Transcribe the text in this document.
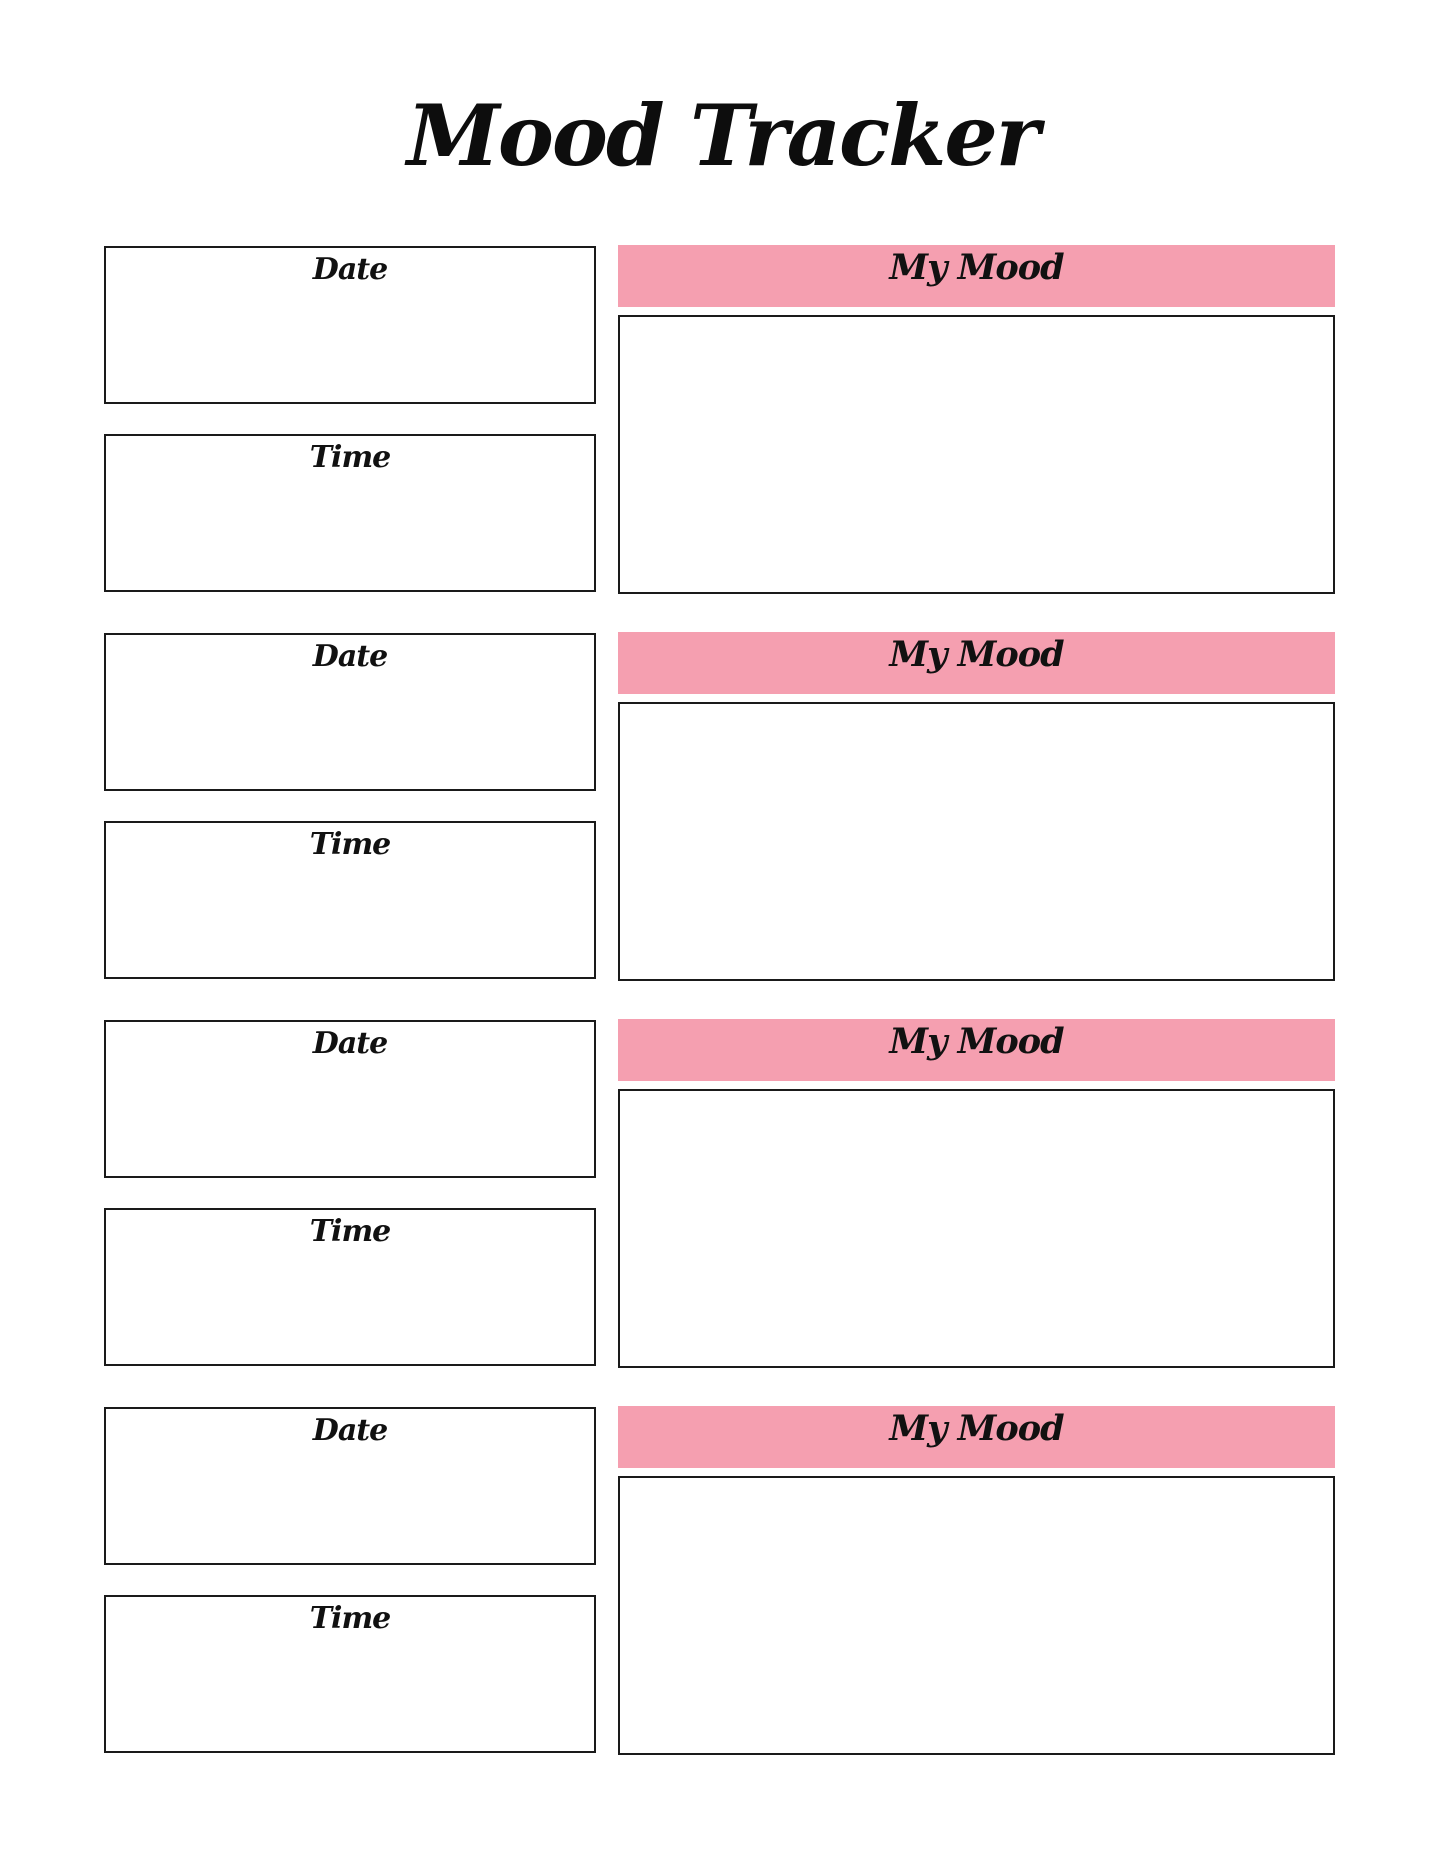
Mood Tracker
Date
Time
My Mood
Date
Time
My Mood
Date
Time
My Mood
Date
Time
My Mood
